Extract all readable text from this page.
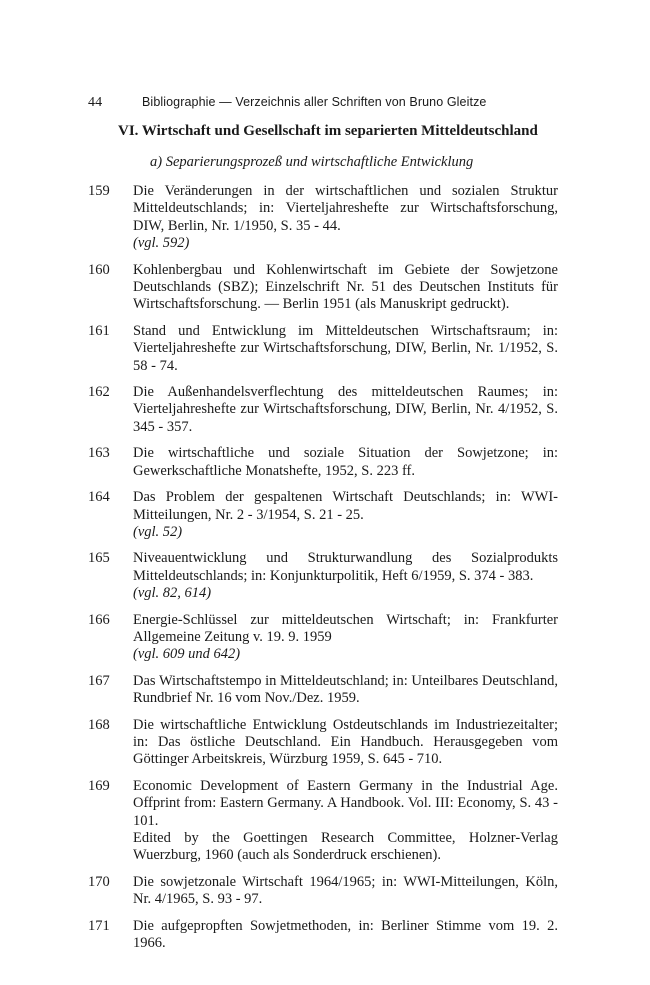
44	Bibliographie — Verzeichnis aller Schriften von Bruno Gleitze
VI. Wirtschaft und Gesellschaft im separierten Mitteldeutschland
a) Separierungsprozeß und wirtschaftliche Entwicklung
159	Die Veränderungen in der wirtschaftlichen und sozialen Struktur Mitteldeutschlands; in: Vierteljahreshefte zur Wirtschaftsforschung, DIW, Berlin, Nr. 1/1950, S. 35 - 44.
(vgl. 592)
160	Kohlenbergbau und Kohlenwirtschaft im Gebiete der Sowjetzone Deutschlands (SBZ); Einzelschrift Nr. 51 des Deutschen Instituts für Wirtschaftsforschung. — Berlin 1951 (als Manuskript gedruckt).
161	Stand und Entwicklung im Mitteldeutschen Wirtschaftsraum; in: Vierteljahreshefte zur Wirtschaftsforschung, DIW, Berlin, Nr. 1/1952, S. 58 - 74.
162	Die Außenhandelsverflechtung des mitteldeutschen Raumes; in: Vierteljahreshefte zur Wirtschaftsforschung, DIW, Berlin, Nr. 4/1952, S. 345 - 357.
163	Die wirtschaftliche und soziale Situation der Sowjetzone; in: Gewerkschaftliche Monatshefte, 1952, S. 223 ff.
164	Das Problem der gespaltenen Wirtschaft Deutschlands; in: WWI-Mitteilungen, Nr. 2 - 3/1954, S. 21 - 25.
(vgl. 52)
165	Niveauentwicklung und Strukturwandlung des Sozialprodukts Mitteldeutschlands; in: Konjunkturpolitik, Heft 6/1959, S. 374 - 383.
(vgl. 82, 614)
166	Energie-Schlüssel zur mitteldeutschen Wirtschaft; in: Frankfurter Allgemeine Zeitung v. 19. 9. 1959
(vgl. 609 und 642)
167	Das Wirtschaftstempo in Mitteldeutschland; in: Unteilbares Deutschland, Rundbrief Nr. 16 vom Nov./Dez. 1959.
168	Die wirtschaftliche Entwicklung Ostdeutschlands im Industriezeitalter; in: Das östliche Deutschland. Ein Handbuch. Herausgegeben vom Göttinger Arbeitskreis, Würzburg 1959, S. 645 - 710.
169	Economic Development of Eastern Germany in the Industrial Age. Offprint from: Eastern Germany. A Handbook. Vol. III: Economy, S. 43 - 101.
Edited by the Goettingen Research Committee, Holzner-Verlag Wuerzburg, 1960 (auch als Sonderdruck erschienen).
170	Die sowjetzonale Wirtschaft 1964/1965; in: WWI-Mitteilungen, Köln, Nr. 4/1965, S. 93 - 97.
171	Die aufgepropften Sowjetmethoden, in: Berliner Stimme vom 19. 2. 1966.
